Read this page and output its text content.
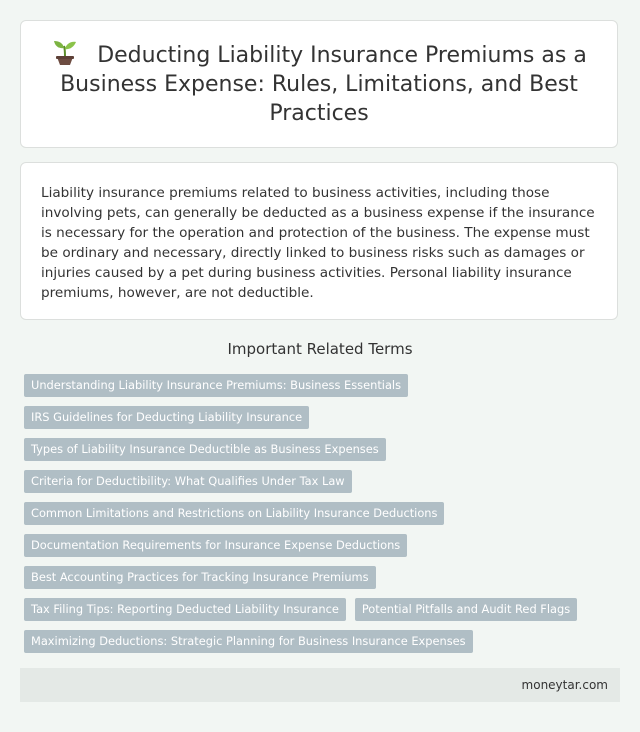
Deducting Liability Insurance Premiums as a Business Expense: Rules, Limitations, and Best Practices

Liability insurance premiums related to business activities, including those involving pets, can generally be deducted as a business expense if the insurance is necessary for the operation and protection of the business. The expense must be ordinary and necessary, directly linked to business risks such as damages or injuries caused by a pet during business activities. Personal liability insurance premiums, however, are not deductible.

Important Related Terms
Understanding Liability Insurance Premiums: Business Essentials
IRS Guidelines for Deducting Liability Insurance
Types of Liability Insurance Deductible as Business Expenses
Criteria for Deductibility: What Qualifies Under Tax Law
Common Limitations and Restrictions on Liability Insurance Deductions
Documentation Requirements for Insurance Expense Deductions
Best Accounting Practices for Tracking Insurance Premiums
Tax Filing Tips: Reporting Deducted Liability Insurance	Potential Pitfalls and Audit Red Flags
Maximizing Deductions: Strategic Planning for Business Insurance Expenses
moneytar.com
